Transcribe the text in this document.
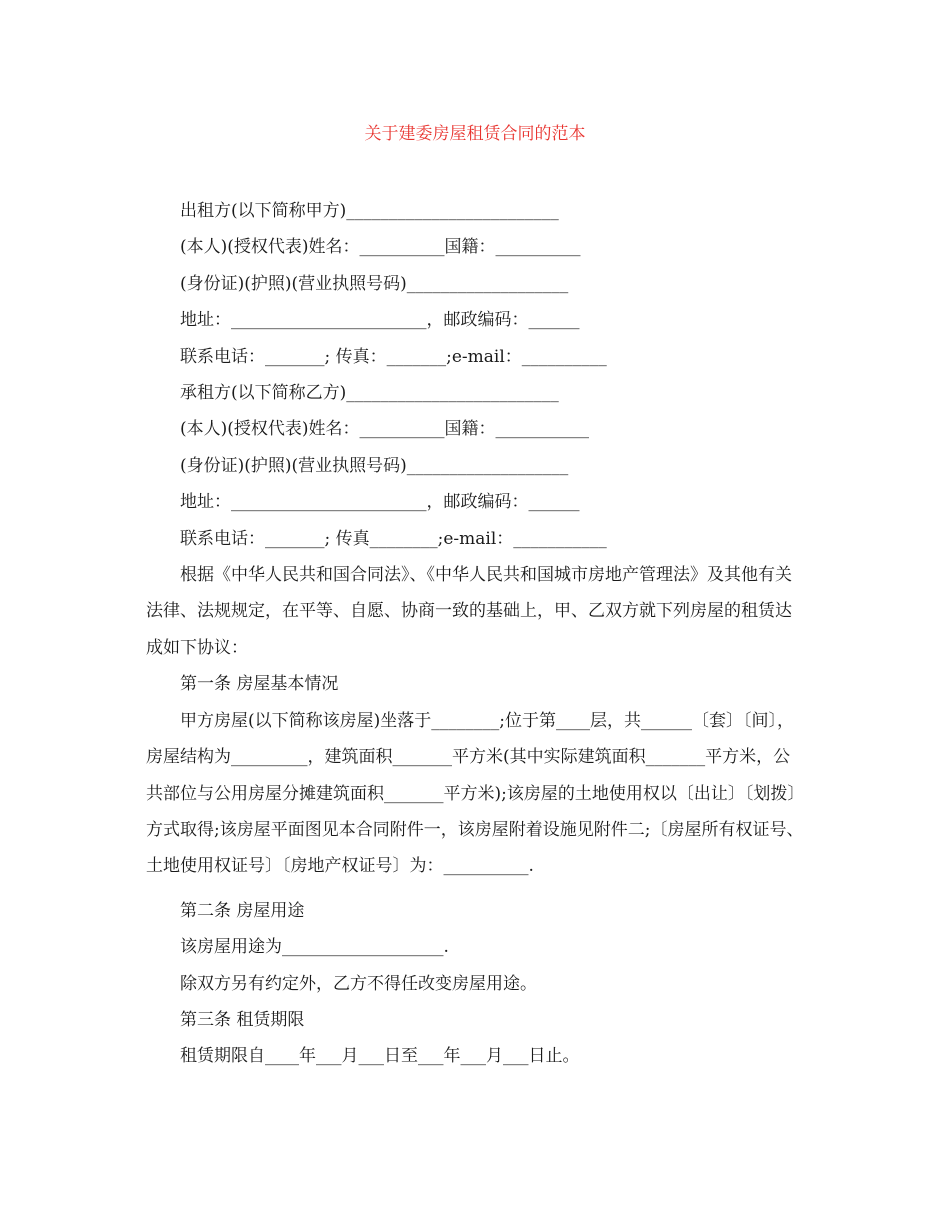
关于建委房屋租赁合同的范本

出租方(以下简称甲方)_________________________

(本人)(授权代表)姓名：__________国籍：__________

(身份证)(护照)(营业执照号码)___________________

地址：_______________________，邮政编码：______

联系电话：_______; 传真：_______;e-mail：__________

承租方(以下简称乙方)_________________________

(本人)(授权代表)姓名：__________国籍：___________

(身份证)(护照)(营业执照号码)___________________

地址：_______________________，邮政编码：______

联系电话：_______; 传真________;e-mail：___________

根据《中华人民共和国合同法》、《中华人民共和国城市房地产管理法》及其他有关法律、法规规定，在平等、自愿、协商一致的基础上，甲、乙双方就下列房屋的租赁达成如下协议：

第一条 房屋基本情况

甲方房屋(以下简称该房屋)坐落于________;位于第____层，共______〔套〕〔间〕，房屋结构为_________，建筑面积_______平方米(其中实际建筑面积_______平方米，公共部位与公用房屋分摊建筑面积_______平方米);该房屋的土地使用权以〔出让〕〔划拨〕方式取得;该房屋平面图见本合同附件一，该房屋附着设施见附件二;〔房屋所有权证号、土地使用权证号〕〔房地产权证号〕为：__________.

第二条 房屋用途

该房屋用途为___________________.

除双方另有约定外，乙方不得任改变房屋用途。

第三条 租赁期限

租赁期限自____年___月___日至___年___月___日止。
